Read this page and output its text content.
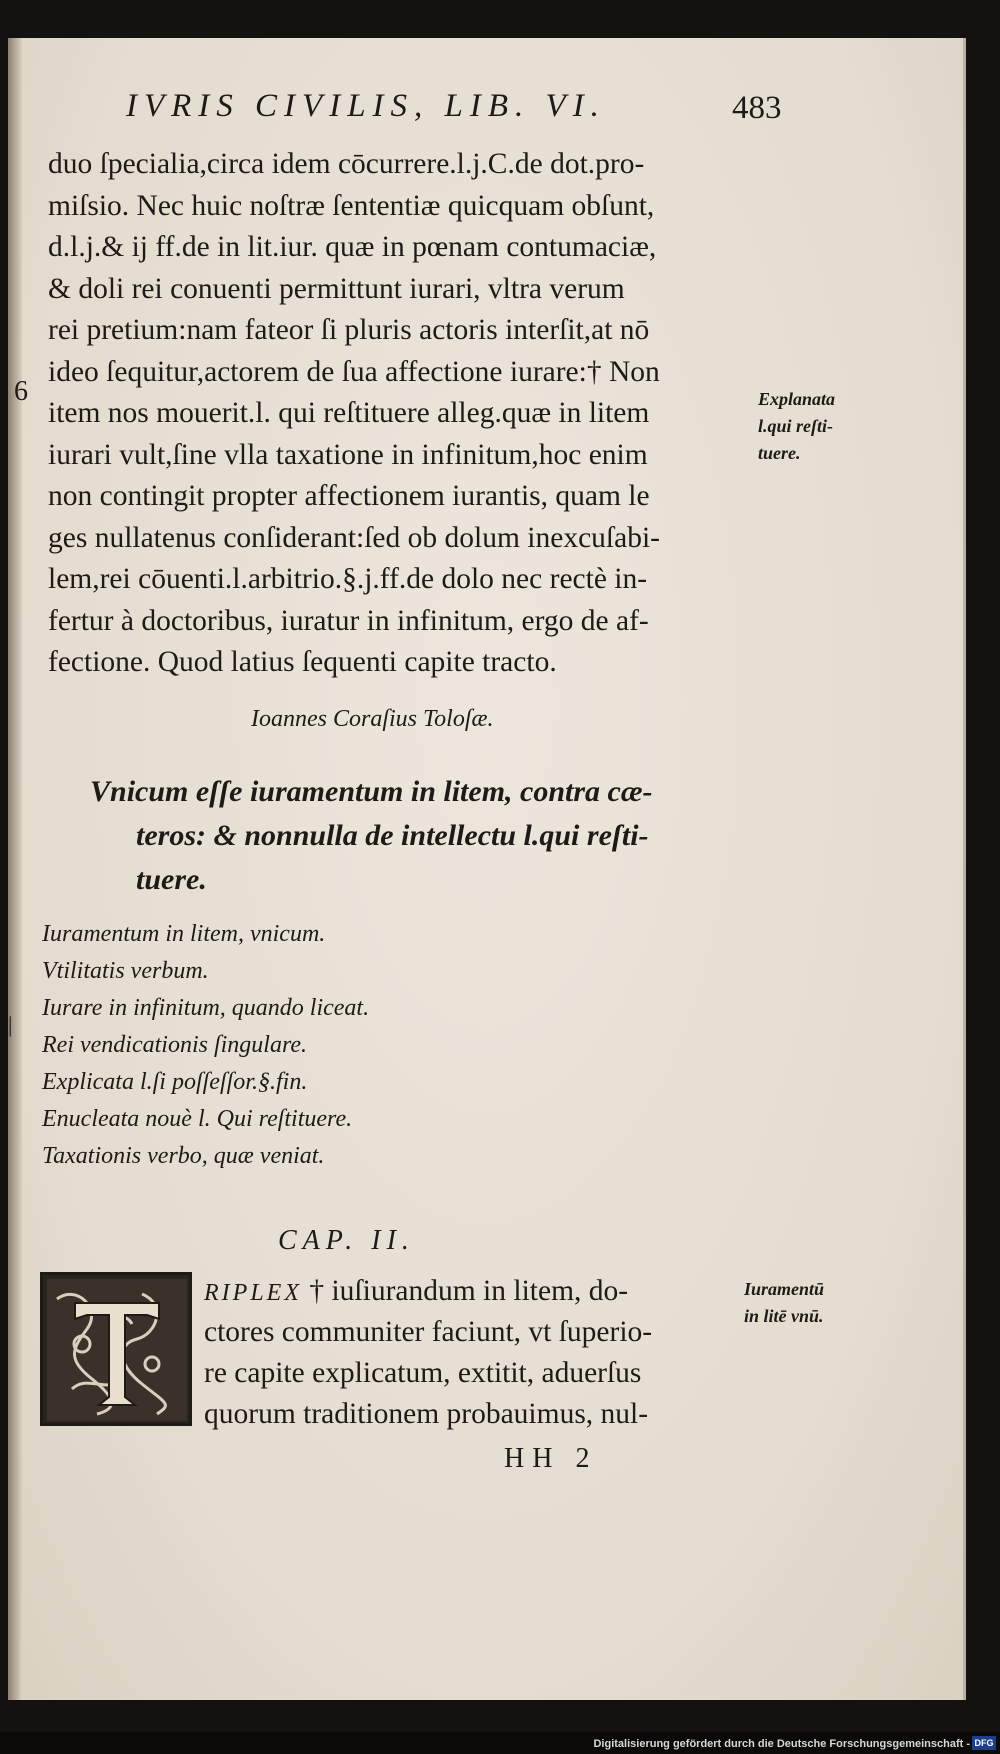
IVRIS CIVILIS, LIB. VI.	483
6
duo ſpecialia,circa idem cōcurrere.l.j.C.de dot.pro-
miſsio. Nec huic noſtræ ſententiæ quicquam obſunt,
d.l.j.& ij ff.de in lit.iur. quæ in pœnam contumaciæ,
& doli rei conuenti permittunt iurari, vltra verum
rei pretium:nam fateor ſi pluris actoris interſit,at nō
ideo ſequitur,actorem de ſua affectione iurare:† Non
item nos mouerit.l. qui reſtituere alleg.quæ in litem
iurari vult,ſine vlla taxatione in infinitum,hoc enim
non contingit propter affectionem iurantis, quam le
ges nullatenus conſiderant:ſed ob dolum inexcuſabi-
lem,rei cōuenti.l.arbitrio.§.j.ff.de dolo nec rectè in-
fertur à doctoribus, iuratur in infinitum, ergo de af-
fectione. Quod latius ſequenti capite tracto.
Ioannes Coraſius Toloſæ.
Explanata
l.qui reſti-
tuere.
Vnicum eſſe iuramentum in litem, contra cæ-

teros: & nonnulla de intellectu l.qui reſti-
tuere.
Iuramentum in litem, vnicum.
Vtilitatis verbum.
Iurare in infinitum, quando liceat.
Rei vendicationis ſingulare.
Explicata l.ſi poſſeſſor.§.fin.
Enucleata nouè l. Qui reſtituere.
Taxationis verbo, quæ veniat.
|
CAP. II.
RIPLEX † iuſiurandum in litem, do-
ctores communiter faciunt, vt ſuperio-
re capite explicatum, extitit, aduerſus
quorum traditionem probauimus, nul-
Iuramentū
in litē vnū.
HH 2
Digitalisierung gefördert durch die Deutsche Forschungsgemeinschaft - DFG
